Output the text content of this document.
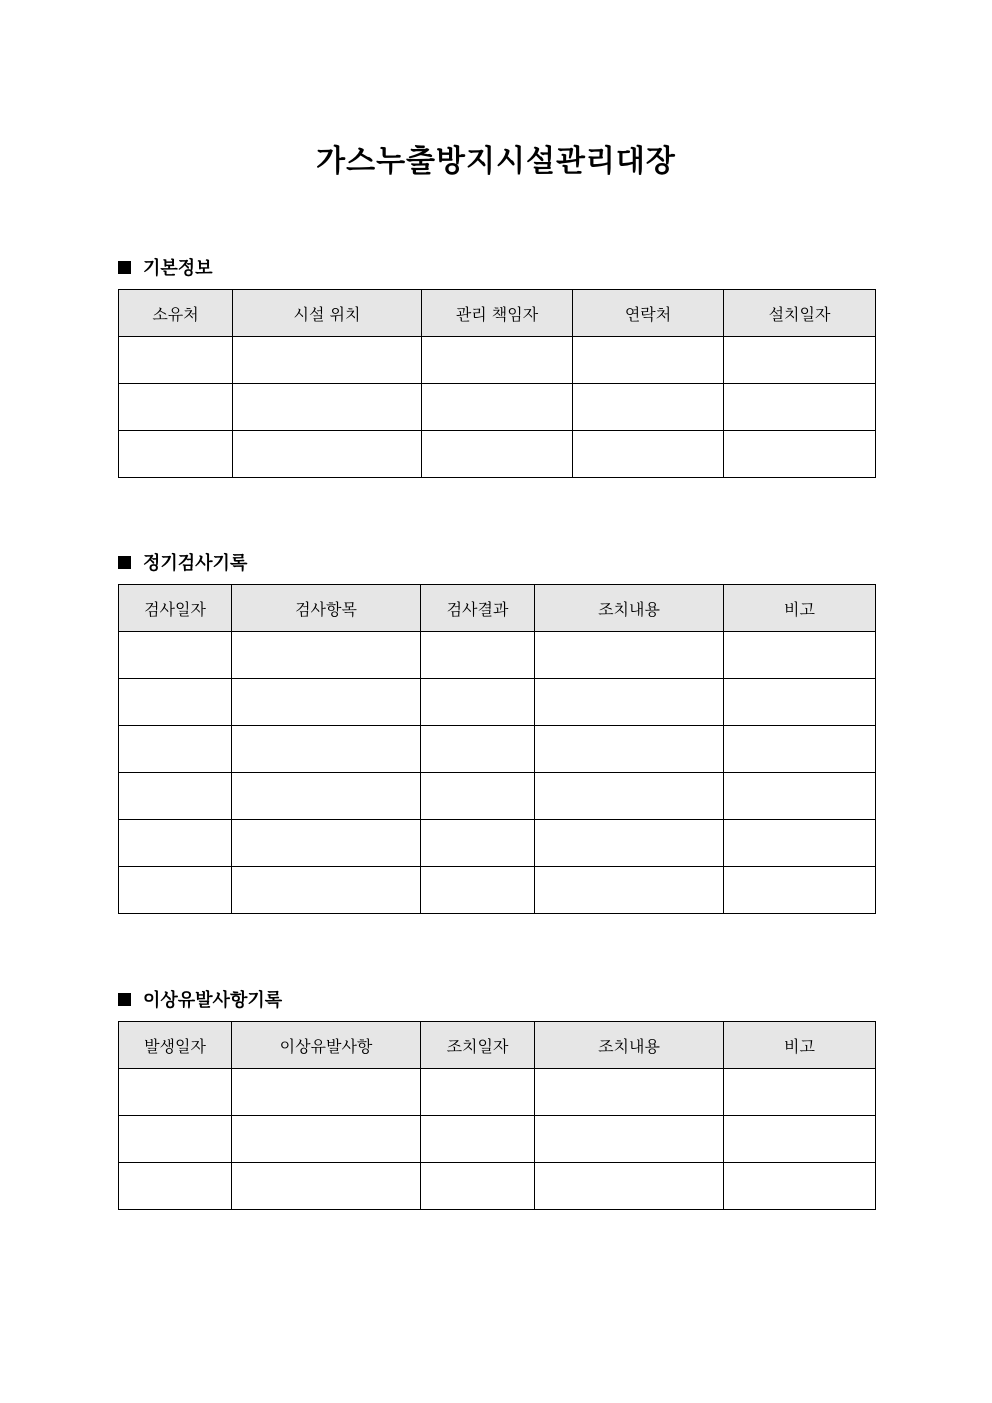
가스누출방지시설관리대장
기본정보
소유처	시설 위치	관리 책임자	연락처	설치일자

정기검사기록
검사일자	검사항목	검사결과	조치내용	비고

이상유발사항기록
발생일자	이상유발사항	조치일자	조치내용	비고
